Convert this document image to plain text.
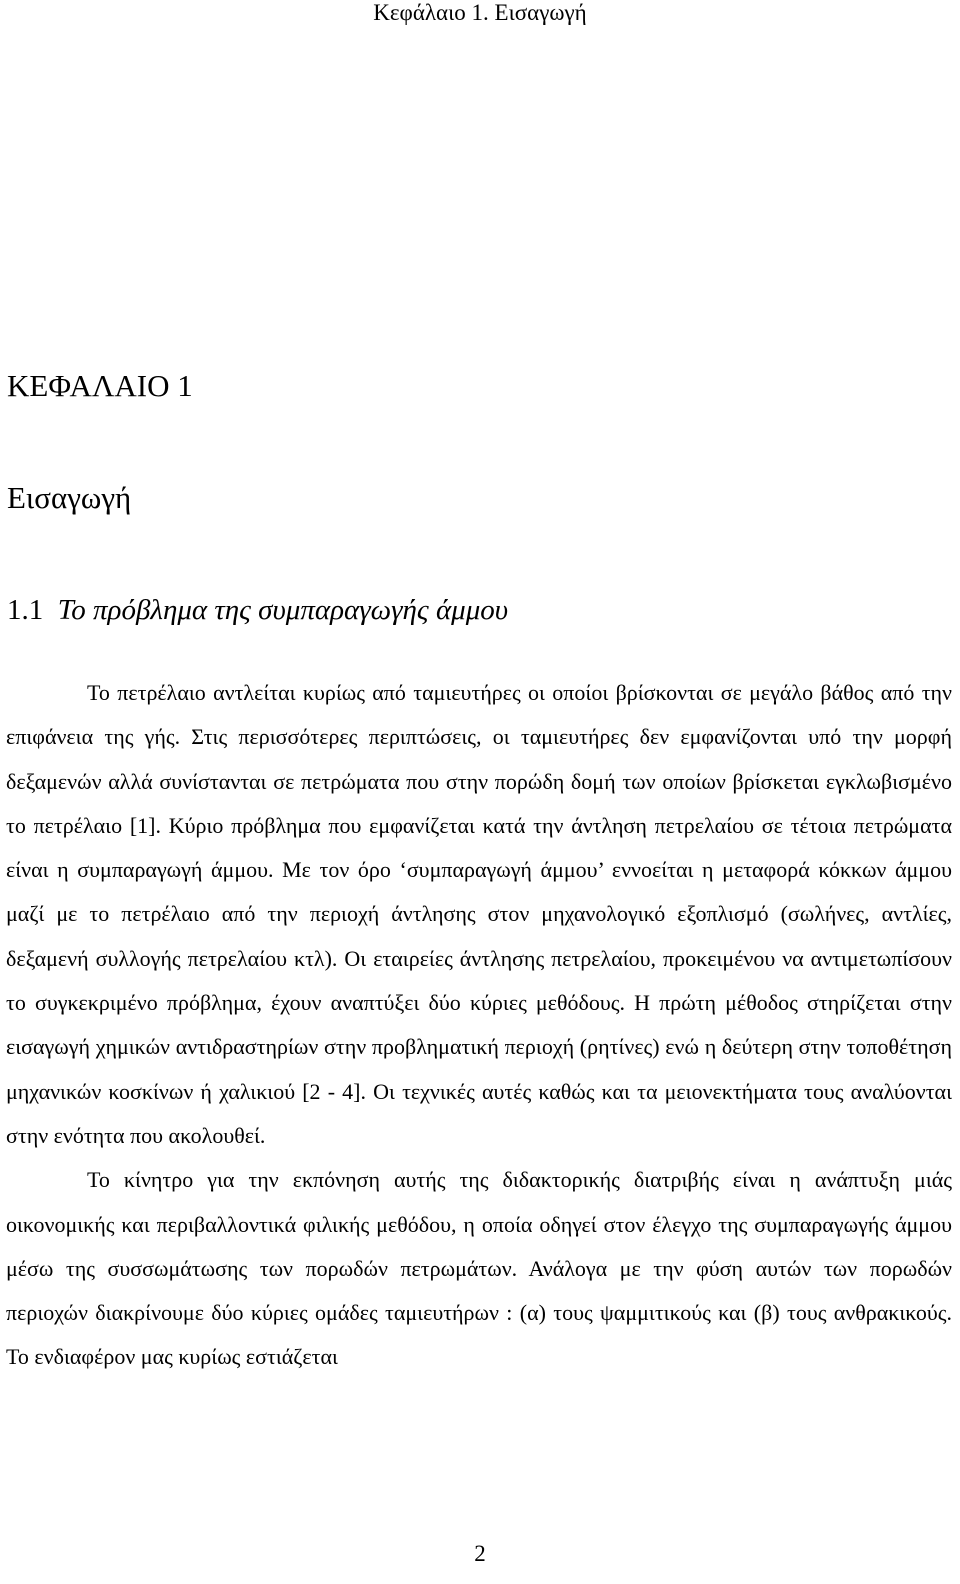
Κεφάλαιο 1. Εισαγωγή
ΚΕΦΑΛΑΙΟ 1
Εισαγωγή
1.1 Το πρόβλημα της συμπαραγωγής άμμου

Το πετρέλαιο αντλείται κυρίως από ταμιευτήρες οι οποίοι βρίσκονται σε μεγάλο βάθος από την επιφάνεια της γής. Στις περισσότερες περιπτώσεις, οι ταμιευτήρες δεν εμφανίζονται υπό την μορφή δεξαμενών αλλά συνίστανται σε πετρώματα που στην πορώδη δομή των οποίων βρίσκεται εγκλωβισμένο το πετρέλαιο [1]. Κύριο πρόβλημα που εμφανίζεται κατά την άντληση πετρελαίου σε τέτοια πετρώματα είναι η συμπαραγωγή άμμου. Με τον όρο ‘συμπαραγωγή άμμου’ εννοείται η μεταφορά κόκκων άμμου μαζί με το πετρέλαιο από την περιοχή άντλησης στον μηχανολογικό εξοπλισμό (σωλήνες, αντλίες, δεξαμενή συλλογής πετρελαίου κτλ). Οι εταιρείες άντλησης πετρελαίου, προκειμένου να αντιμετωπίσουν το συγκεκριμένο πρόβλημα, έχουν αναπτύξει δύο κύριες μεθόδους. Η πρώτη μέθοδος στηρίζεται στην εισαγωγή χημικών αντιδραστηρίων στην προβληματική περιοχή (ρητίνες) ενώ η δεύτερη στην τοποθέτηση μηχανικών κοσκίνων ή χαλικιού [2 - 4]. Οι τεχνικές αυτές καθώς και τα μειονεκτήματα τους αναλύονται στην ενότητα που ακολουθεί.

Το κίνητρο για την εκπόνηση αυτής της διδακτορικής διατριβής είναι η ανάπτυξη μιάς οικονομικής και περιβαλλοντικά φιλικής μεθόδου, η οποία οδηγεί στον έλεγχο της συμπαραγωγής άμμου μέσω της συσσωμάτωσης των πορωδών πετρωμάτων. Ανάλογα με την φύση αυτών των πορωδών περιοχών διακρίνουμε δύο κύριες ομάδες ταμιευτήρων : (α) τους ψαμμιτικούς και (β) τους ανθρακικούς. Το ενδιαφέρον μας κυρίως εστιάζεται

2
